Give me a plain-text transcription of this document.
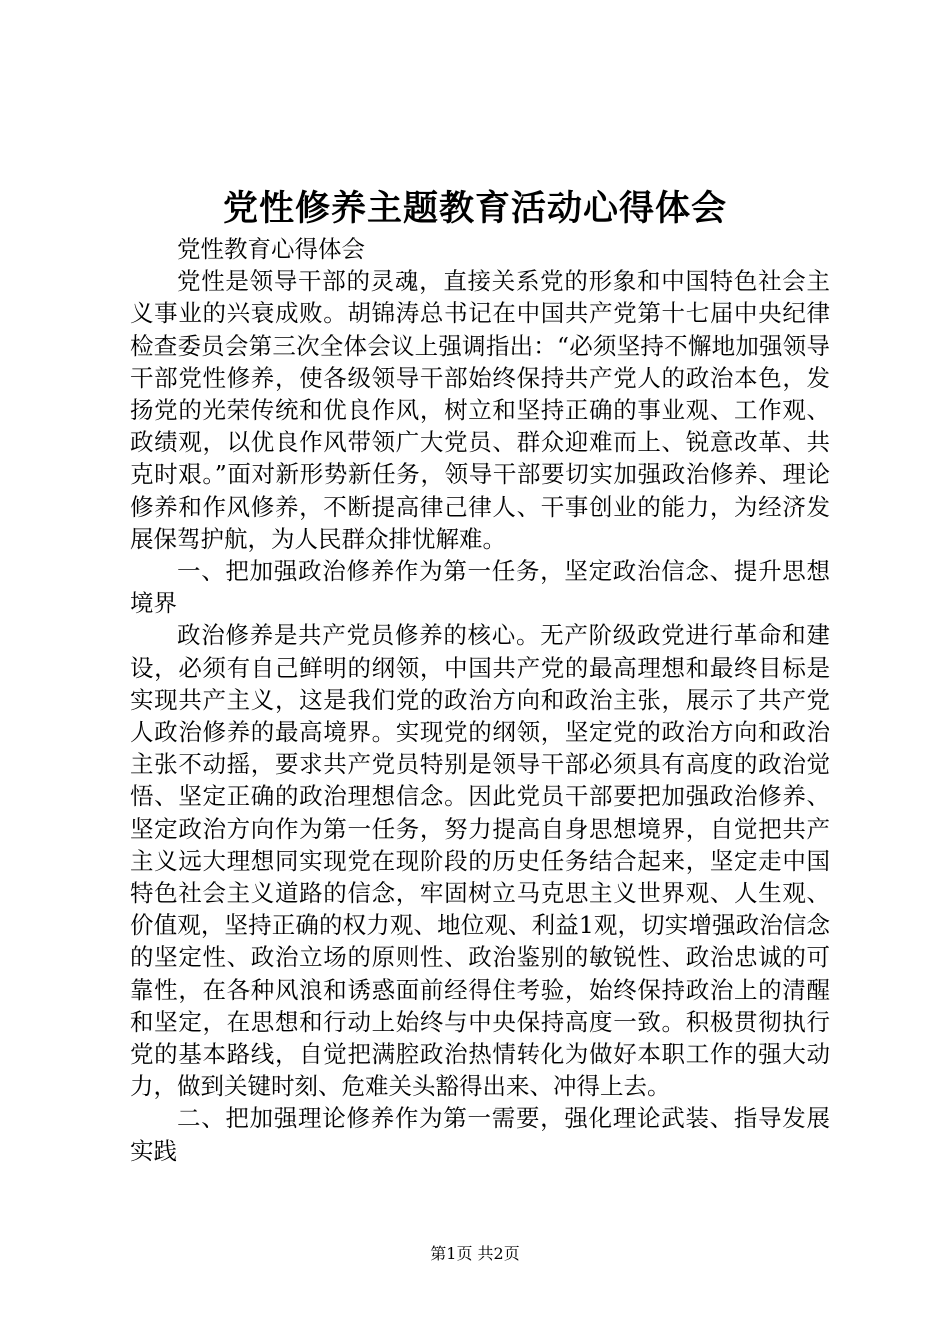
党性修养主题教育活动心得体会

党性教育心得体会

党性是领导干部的灵魂，直接关系党的形象和中国特色社会主义事业的兴衰成败。胡锦涛总书记在中国共产党第十七届中央纪律检查委员会第三次全体会议上强调指出：“必须坚持不懈地加强领导干部党性修养，使各级领导干部始终保持共产党人的政治本色，发扬党的光荣传统和优良作风，树立和坚持正确的事业观、工作观、政绩观，以优良作风带领广大党员、群众迎难而上、锐意改革、共克时艰。”面对新形势新任务，领导干部要切实加强政治修养、理论修养和作风修养，不断提高律己律人、干事创业的能力，为经济发展保驾护航，为人民群众排忧解难。

一、把加强政治修养作为第一任务，坚定政治信念、提升思想境界

政治修养是共产党员修养的核心。无产阶级政党进行革命和建设，必须有自己鲜明的纲领，中国共产党的最高理想和最终目标是实现共产主义，这是我们党的政治方向和政治主张，展示了共产党人政治修养的最高境界。实现党的纲领，坚定党的政治方向和政治主张不动摇，要求共产党员特别是领导干部必须具有高度的政治觉悟、坚定正确的政治理想信念。因此党员干部要把加强政治修养、坚定政治方向作为第一任务，努力提高自身思想境界，自觉把共产主义远大理想同实现党在现阶段的历史任务结合起来，坚定走中国特色社会主义道路的信念，牢固树立马克思主义世界观、人生观、价值观，坚持正确的权力观、地位观、利益1观，切实增强政治信念的坚定性、政治立场的原则性、政治鉴别的敏锐性、政治忠诚的可靠性，在各种风浪和诱惑面前经得住考验，始终保持政治上的清醒和坚定，在思想和行动上始终与中央保持高度一致。积极贯彻执行党的基本路线，自觉把满腔政治热情转化为做好本职工作的强大动力，做到关键时刻、危难关头豁得出来、冲得上去。

二、把加强理论修养作为第一需要，强化理论武装、指导发展实践

第1页 共2页
